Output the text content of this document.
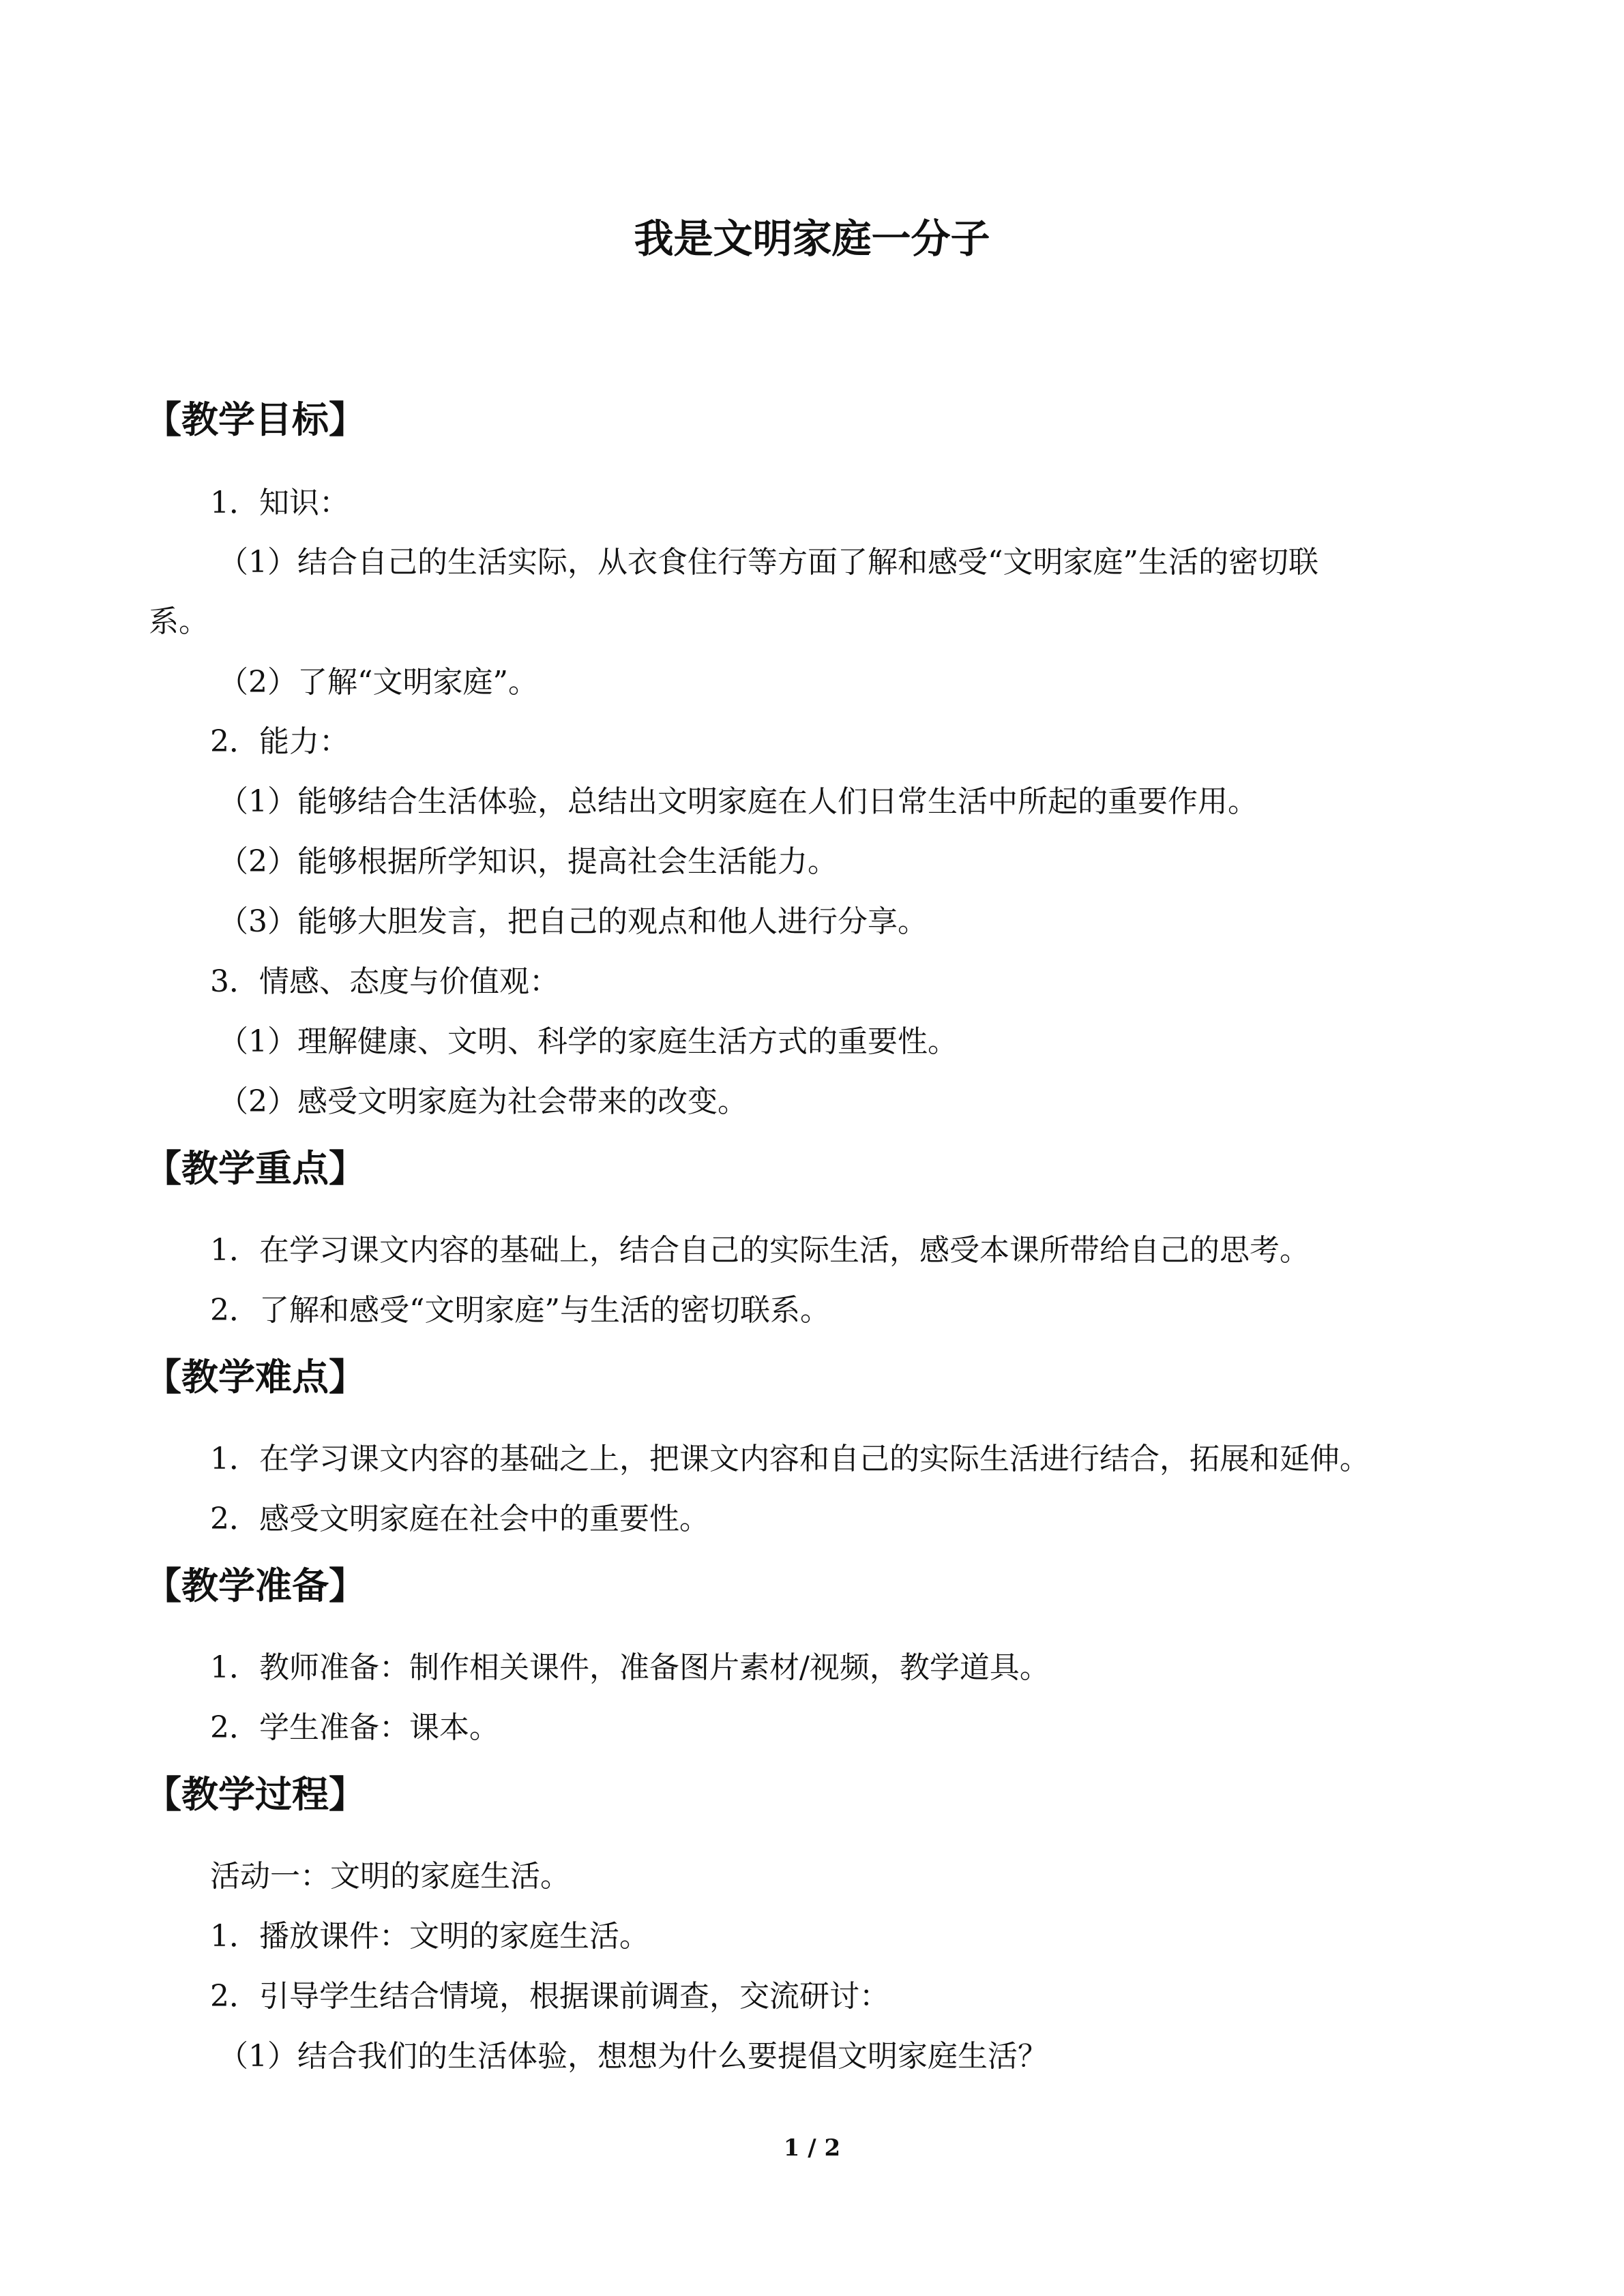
我是文明家庭一分子
【教学目标】
1．知识：
（1）结合自己的生活实际，从衣食住行等方面了解和感受“文明家庭”生活的密切联
系。
（2）了解“文明家庭”。
2．能力：
（1）能够结合生活体验，总结出文明家庭在人们日常生活中所起的重要作用。
（2）能够根据所学知识，提高社会生活能力。
（3）能够大胆发言，把自己的观点和他人进行分享。
3．情感、态度与价值观：
（1）理解健康、文明、科学的家庭生活方式的重要性。
（2）感受文明家庭为社会带来的改变。
【教学重点】
1．在学习课文内容的基础上，结合自己的实际生活，感受本课所带给自己的思考。
2．了解和感受“文明家庭”与生活的密切联系。
【教学难点】
1．在学习课文内容的基础之上，把课文内容和自己的实际生活进行结合，拓展和延伸。
2．感受文明家庭在社会中的重要性。
【教学准备】
1．教师准备：制作相关课件，准备图片素材/视频，教学道具。
2．学生准备：课本。
【教学过程】
活动一：文明的家庭生活。
1．播放课件：文明的家庭生活。
2．引导学生结合情境，根据课前调查，交流研讨：
（1）结合我们的生活体验，想想为什么要提倡文明家庭生活？
1 / 2
